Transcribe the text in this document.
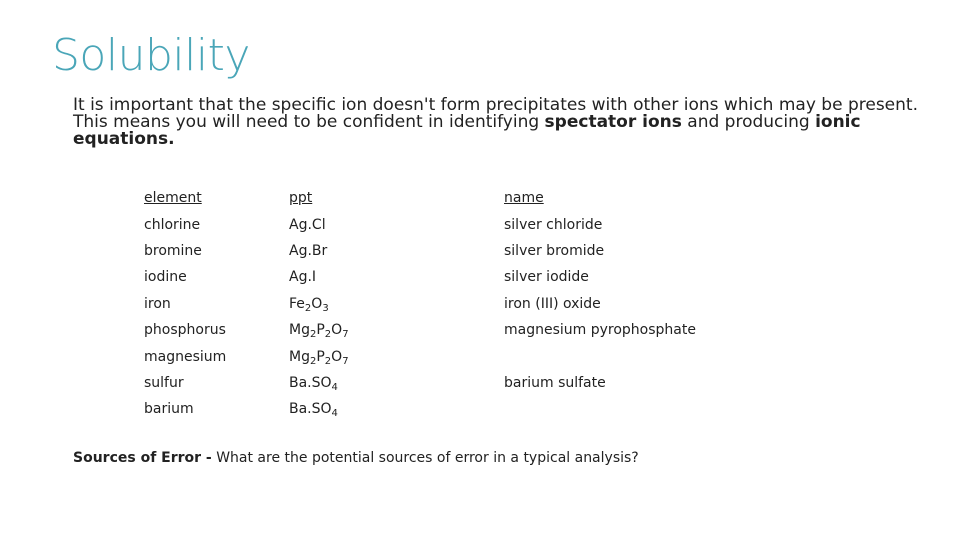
Solubility
It is important that the specific ion doesn't form precipitates with other ions which may be present. This means you will need to be confident in identifying spectator ions and producing ionic equations.
element	ppt	name
chlorine	Ag.Cl	silver chloride
bromine	Ag.Br	silver bromide
iodine	Ag.I	silver iodide
iron	$Fe_2O_3$	iron (III) oxide
phosphorus	$Mg_2P_2O_7$	magnesium pyrophosphate
magnesium	$Mg_2P_2O_7$	
sulfur	$Ba.SO_4$	barium sulfate
barium	$Ba.SO_4$	
Sources of Error - What are the potential sources of error in a typical analysis?
